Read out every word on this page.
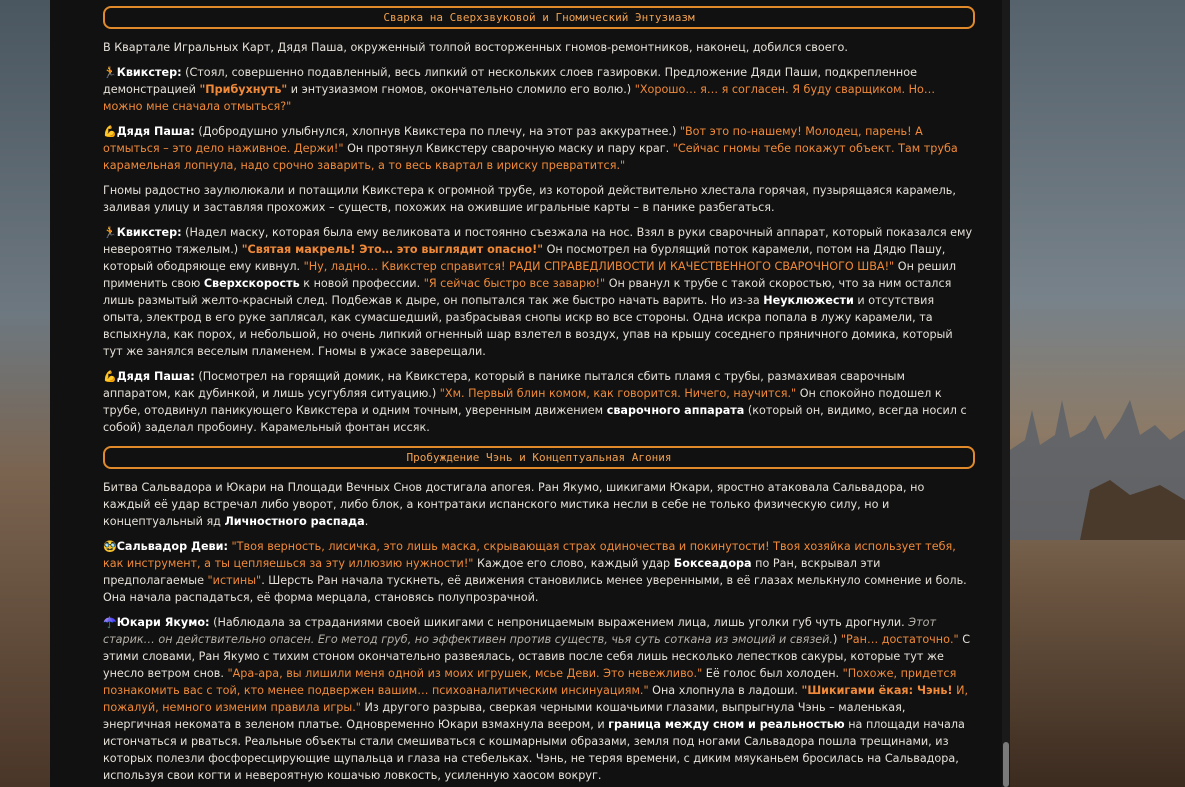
Сварка на Сверхзвуковой и Гномический Энтузиазм

В Квартале Игральных Карт, Дядя Паша, окруженный толпой восторженных гномов-ремонтников, наконец, добился своего.

🏃Квикстер: (Стоял, совершенно подавленный, весь липкий от нескольких слоев газировки. Предложение Дяди Паши, подкрепленное демонстрацией "Прибухнуть" и энтузиазмом гномов, окончательно сломило его волю.) "Хорошо… я… я согласен. Я буду сварщиком. Но… можно мне сначала отмыться?"

💪Дядя Паша: (Добродушно улыбнулся, хлопнув Квикстера по плечу, на этот раз аккуратнее.) "Вот это по-нашему! Молодец, парень! А отмыться – это дело наживное. Держи!" Он протянул Квикстеру сварочную маску и пару краг. "Сейчас гномы тебе покажут объект. Там труба карамельная лопнула, надо срочно заварить, а то весь квартал в ириску превратится."

Гномы радостно заулюлюкали и потащили Квикстера к огромной трубе, из которой действительно хлестала горячая, пузырящаяся карамель, заливая улицу и заставляя прохожих – существ, похожих на ожившие игральные карты – в панике разбегаться.

🏃Квикстер: (Надел маску, которая была ему великовата и постоянно съезжала на нос. Взял в руки сварочный аппарат, который показался ему невероятно тяжелым.) "Святая макрель! Это… это выглядит опасно!" Он посмотрел на бурлящий поток карамели, потом на Дядю Пашу, который ободряюще ему кивнул. "Ну, ладно… Квикстер справится! РАДИ СПРАВЕДЛИВОСТИ И КАЧЕСТВЕННОГО СВАРОЧНОГО ШВА!" Он решил применить свою Сверхскорость к новой профессии. "Я сейчас быстро все заварю!" Он рванул к трубе с такой скоростью, что за ним остался лишь размытый желто-красный след. Подбежав к дыре, он попытался так же быстро начать варить. Но из-за Неуклюжести и отсутствия опыта, электрод в его руке заплясал, как сумасшедший, разбрасывая снопы искр во все стороны. Одна искра попала в лужу карамели, та вспыхнула, как порох, и небольшой, но очень липкий огненный шар взлетел в воздух, упав на крышу соседнего пряничного домика, который тут же занялся веселым пламенем. Гномы в ужасе заверещали.

💪Дядя Паша: (Посмотрел на горящий домик, на Квикстера, который в панике пытался сбить пламя с трубы, размахивая сварочным аппаратом, как дубинкой, и лишь усугубляя ситуацию.) "Хм. Первый блин комом, как говорится. Ничего, научится." Он спокойно подошел к трубе, отодвинул паникующего Квикстера и одним точным, уверенным движением сварочного аппарата (который он, видимо, всегда носил с собой) заделал пробоину. Карамельный фонтан иссяк.

Пробуждение Чэнь и Концептуальная Агония

Битва Сальвадора и Юкари на Площади Вечных Снов достигала апогея. Ран Якумо, шикигами Юкари, яростно атаковала Сальвадора, но каждый её удар встречал либо уворот, либо блок, а контратаки испанского мистика несли в себе не только физическую силу, но и концептуальный яд Личностного распада.

🥸Сальвадор Деви: "Твоя верность, лисичка, это лишь маска, скрывающая страх одиночества и покинутости! Твоя хозяйка использует тебя, как инструмент, а ты цепляешься за эту иллюзию нужности!" Каждое его слово, каждый удар Боксеадора по Ран, вскрывал эти предполагаемые "истины". Шерсть Ран начала тускнеть, её движения становились менее уверенными, в её глазах мелькнуло сомнение и боль. Она начала распадаться, её форма мерцала, становясь полупрозрачной.

☂️Юкари Якумо: (Наблюдала за страданиями своей шикигами с непроницаемым выражением лица, лишь уголки губ чуть дрогнули. Этот старик… он действительно опасен. Его метод груб, но эффективен против существ, чья суть соткана из эмоций и связей.) "Ран… достаточно." С этими словами, Ран Якумо с тихим стоном окончательно развеялась, оставив после себя лишь несколько лепестков сакуры, которые тут же унесло ветром снов. "Ара-ара, вы лишили меня одной из моих игрушек, мсье Деви. Это невежливо." Её голос был холоден. "Похоже, придется познакомить вас с той, кто менее подвержен вашим… психоаналитическим инсинуациям." Она хлопнула в ладоши. "Шикигами ёкая: Чэнь! И, пожалуй, немного изменим правила игры." Из другого разрыва, сверкая черными кошачьими глазами, выпрыгнула Чэнь – маленькая, энергичная некомата в зеленом платье. Одновременно Юкари взмахнула веером, и граница между сном и реальностью на площади начала истончаться и рваться. Реальные объекты стали смешиваться с кошмарными образами, земля под ногами Сальвадора пошла трещинами, из которых полезли фосфоресцирующие щупальца и глаза на стебельках. Чэнь, не теряя времени, с диким мяуканьем бросилась на Сальвадора, используя свои когти и невероятную кошачью ловкость, усиленную хаосом вокруг.
